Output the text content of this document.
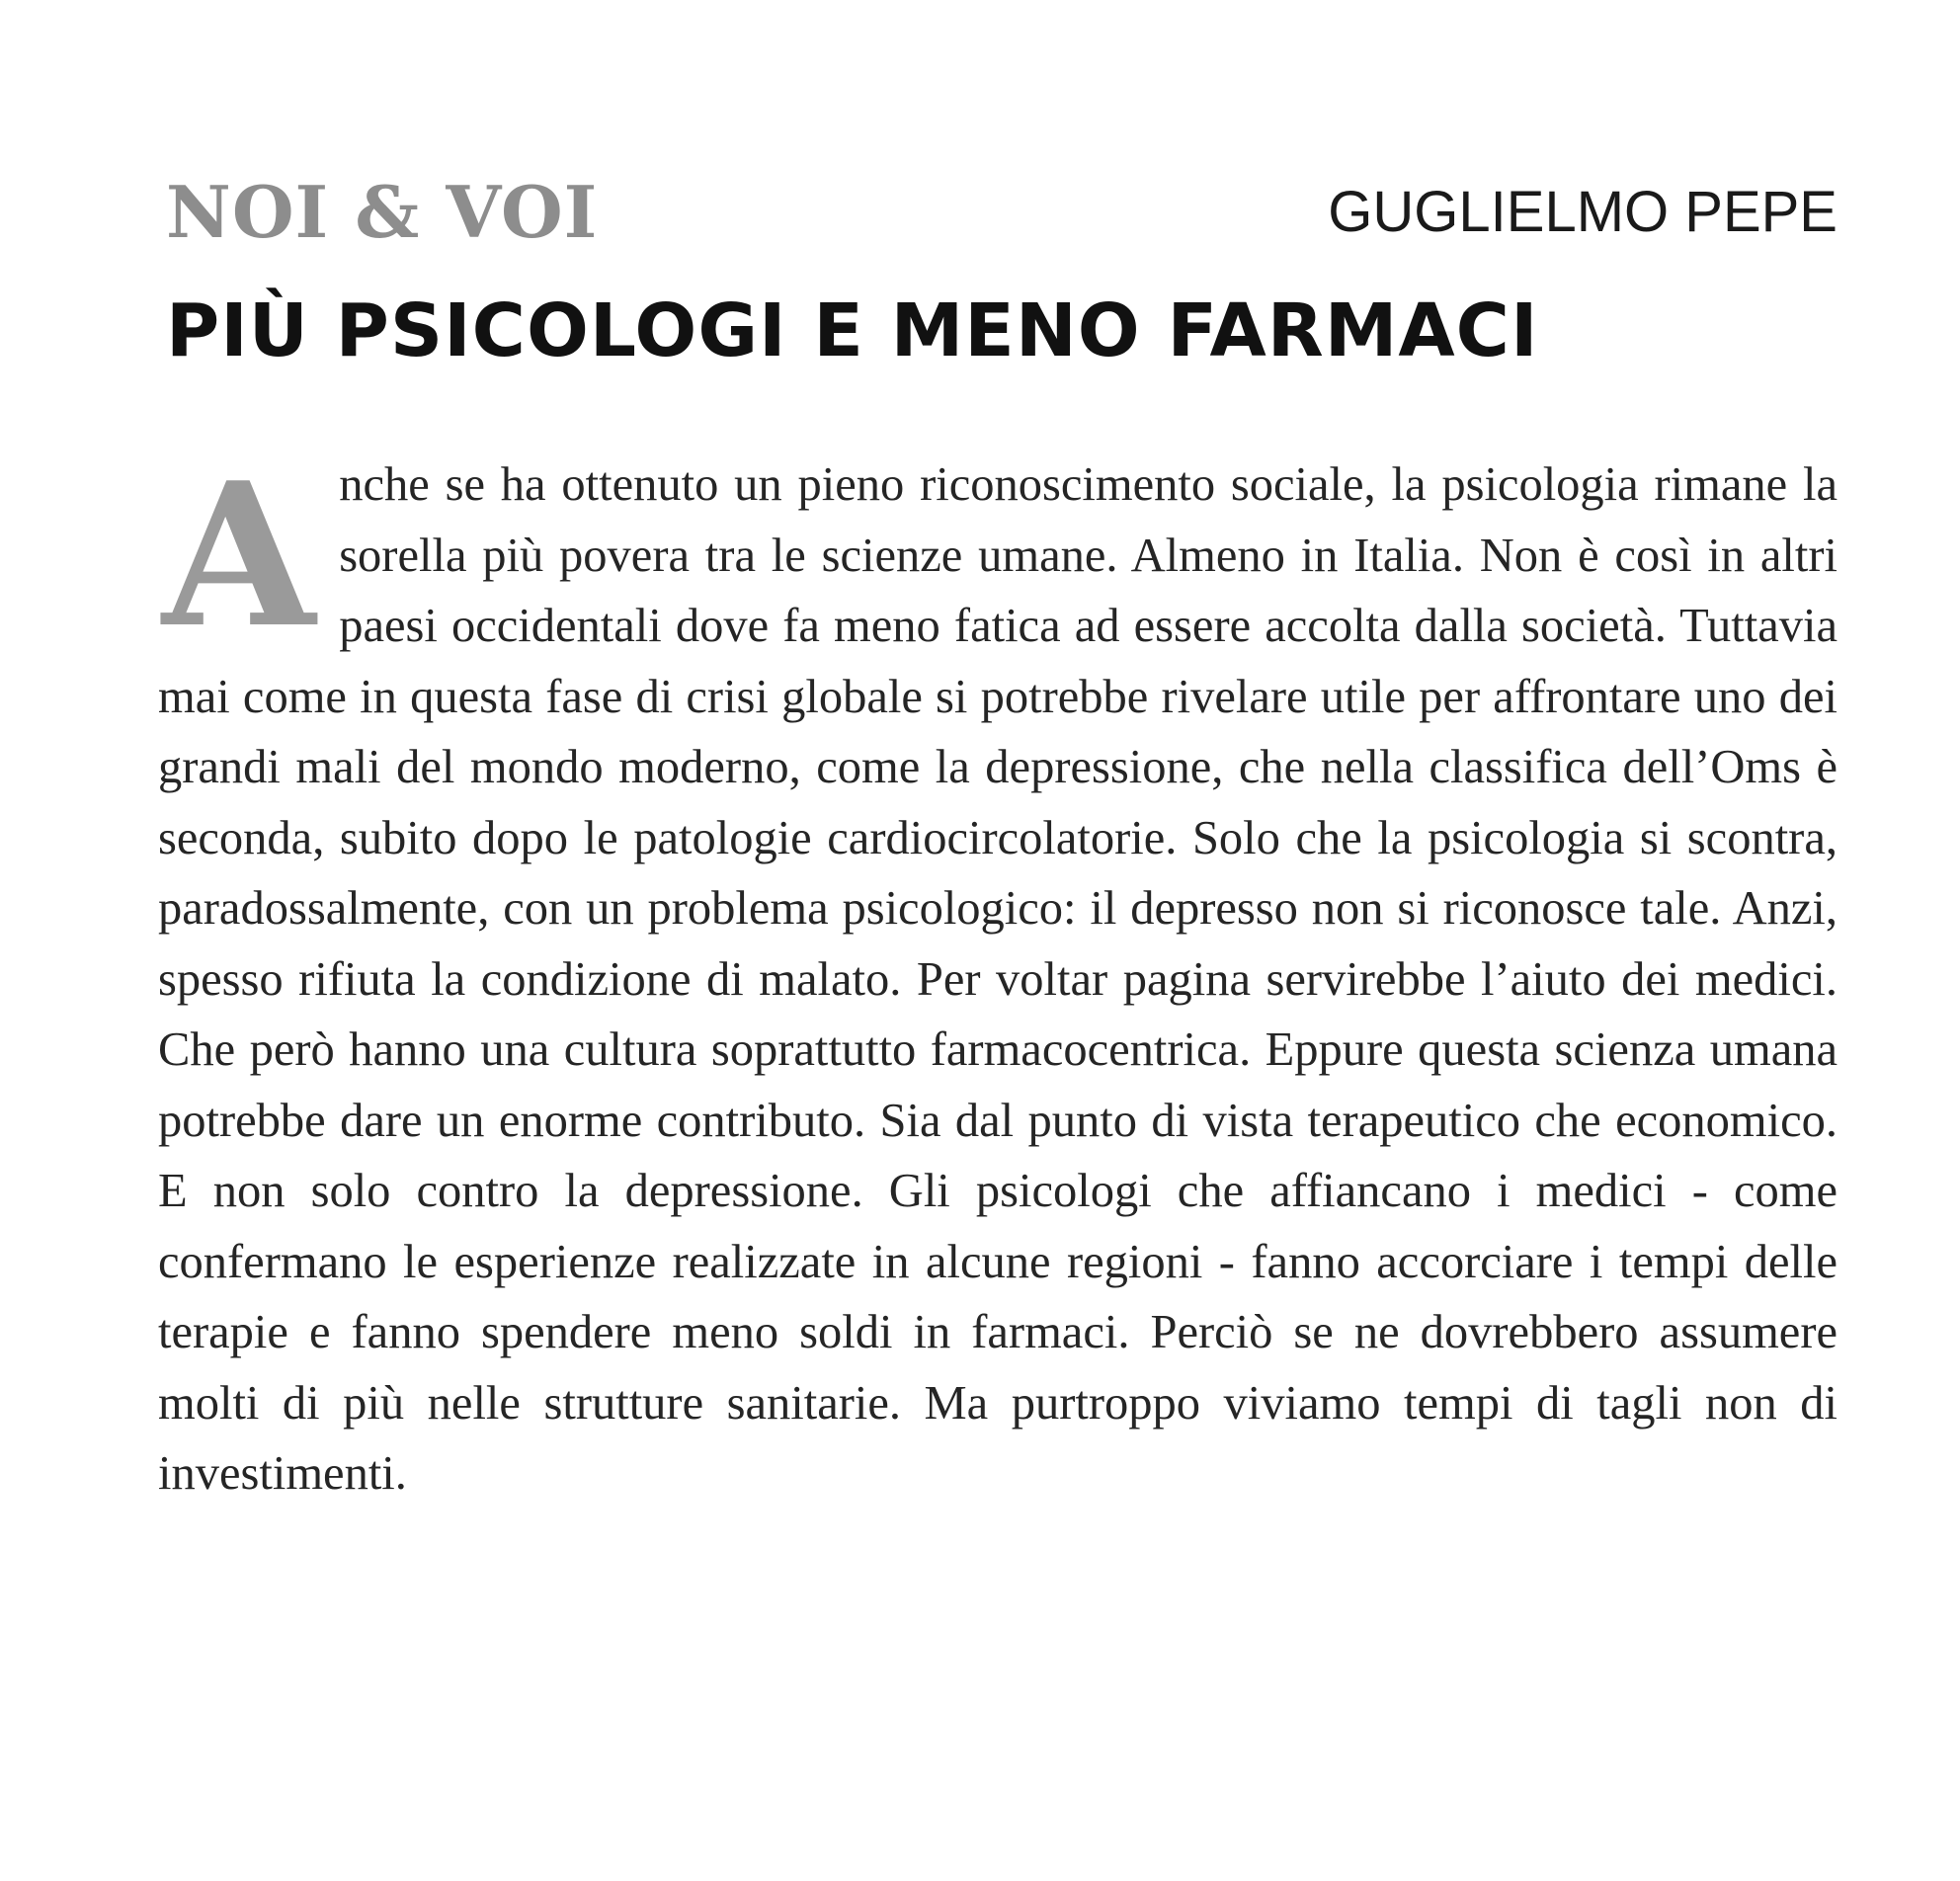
NOI & VOI	GUGLIELMO PEPE
PIÙ PSICOLOGI E MENO FARMACI
Anche se ha ottenuto un pieno riconoscimento sociale, la psicologia rimane la sorella più povera tra le scienze umane. Almeno in Italia. Non è così in altri paesi occidentali dove fa meno fatica ad essere accolta dalla società. Tuttavia mai come in questa fase di crisi globale si potrebbe rivelare utile per affrontare uno dei grandi mali del mondo moderno, come la depressione, che nella classifica dell’Oms è seconda, subito dopo le patologie cardiocircolatorie. Solo che la psicologia si scontra, paradossalmente, con un problema psicologico: il depresso non si riconosce tale. Anzi, spesso rifiuta la condizione di malato. Per voltar pagina servirebbe l’aiuto dei medici. Che però hanno una cultura soprattutto farmacocentrica. Eppure questa scienza umana potrebbe dare un enorme contributo. Sia dal punto di vista terapeutico che economico. E non solo contro la depressione. Gli psicologi che affiancano i medici - come confermano le esperienze realizzate in alcune regioni - fanno accorciare i tempi delle terapie e fanno spendere meno soldi in farmaci. Perciò se ne dovrebbero assumere molti di più nelle strutture sanitarie. Ma purtroppo viviamo tempi di tagli non di investimenti.
